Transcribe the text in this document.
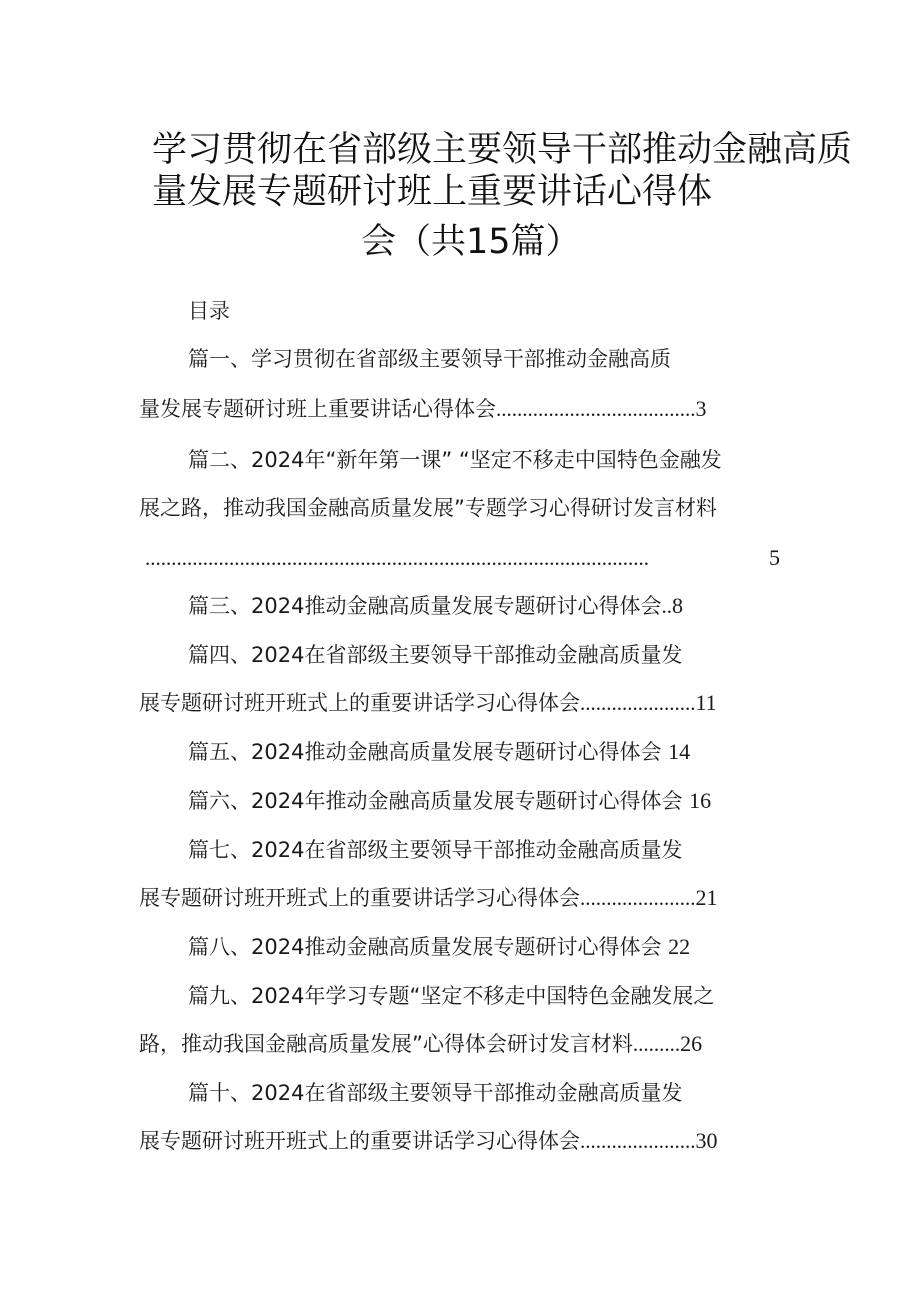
学习贯彻在省部级主要领导干部推动金融高质
量发展专题研讨班上重要讲话心得体
会（共15篇）
目录
篇一、学习贯彻在省部级主要领导干部推动金融高质
量发展专题研讨班上重要讲话心得体会......................................3
篇二、2024年“新年第一课” “坚定不移走中国特色金融发
展之路，推动我国金融高质量发展”专题学习心得研讨发言材料
................................................................................................	5
篇三、2024推动金融高质量发展专题研讨心得体会..8
篇四、2024在省部级主要领导干部推动金融高质量发
展专题研讨班开班式上的重要讲话学习心得体会......................11
篇五、2024推动金融高质量发展专题研讨心得体会 14
篇六、2024年推动金融高质量发展专题研讨心得体会 16
篇七、2024在省部级主要领导干部推动金融高质量发
展专题研讨班开班式上的重要讲话学习心得体会......................21
篇八、2024推动金融高质量发展专题研讨心得体会 22
篇九、2024年学习专题“坚定不移走中国特色金融发展之
路，推动我国金融高质量发展”心得体会研讨发言材料.........26
篇十、2024在省部级主要领导干部推动金融高质量发
展专题研讨班开班式上的重要讲话学习心得体会......................30
